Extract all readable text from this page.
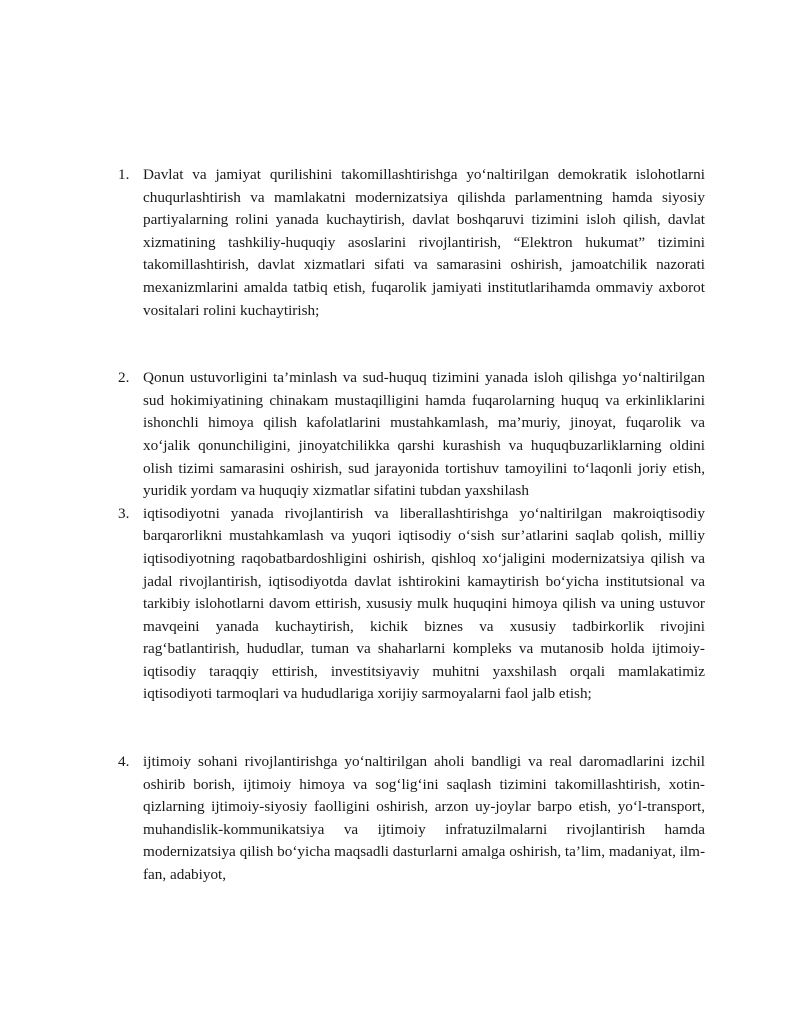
1. Davlat va jamiyat qurilishini takomillashtirishga yo‘naltirilgan demokratik islohotlarni chuqurlashtirish va mamlakatni modernizatsiya qilishda parlamentning hamda siyosiy partiyalarning rolini yanada kuchaytirish, davlat boshqaruvi tizimini isloh qilish, davlat xizmatining tashkiliy-huquqiy asoslarini rivojlantirish, “Elektron hukumat” tizimini takomillashtirish, davlat xizmatlari sifati va samarasini oshirish, jamoatchilik nazorati mexanizmlarini amalda tatbiq etish, fuqarolik jamiyati institutlarihamda ommaviy axborot vositalari rolini kuchaytirish;
2. Qonun ustuvorligini ta’minlash va sud-huquq tizimini yanada isloh qilishga yo‘naltirilgan sud hokimiyatining chinakam mustaqilligini hamda fuqarolarning huquq va erkinliklarini ishonchli himoya qilish kafolatlarini mustahkamlash, ma’muriy, jinoyat, fuqarolik va xo‘jalik qonunchiligini, jinoyatchilikka qarshi kurashish va huquqbuzarliklarning oldini olish tizimi samarasini oshirish, sud jarayonida tortishuv tamoyilini to‘laqonli joriy etish, yuridik yordam va huquqiy xizmatlar sifatini tubdan yaxshilash
3. iqtisodiyotni yanada rivojlantirish va liberallashtirishga yo‘naltirilgan makroiqtisodiy barqarorlikni mustahkamlash va yuqori iqtisodiy o‘sish sur’atlarini saqlab qolish, milliy iqtisodiyotning raqobatbardoshligini oshirish, qishloq xo‘jaligini modernizatsiya qilish va jadal rivojlantirish, iqtisodiyotda davlat ishtirokini kamaytirish bo‘yicha institutsional va tarkibiy islohotlarni davom ettirish, xususiy mulk huquqini himoya qilish va uning ustuvor mavqeini yanada kuchaytirish, kichik biznes va xususiy tadbirkorlik rivojini rag‘batlantirish, hududlar, tuman va shaharlarni kompleks va mutanosib holda ijtimoiy-iqtisodiy taraqqiy ettirish, investitsiyaviy muhitni yaxshilash orqali mamlakatimiz iqtisodiyoti tarmoqlari va hududlariga xorijiy sarmoyalarni faol jalb etish;
4. ijtimoiy sohani rivojlantirishga yo‘naltirilgan aholi bandligi va real daromadlarini izchil oshirib borish, ijtimoiy himoya va sog‘lig‘ini saqlash tizimini takomillashtirish, xotin-qizlarning ijtimoiy-siyosiy faolligini oshirish, arzon uy-joylar barpo etish, yo‘l-transport, muhandislik-kommunikatsiya va ijtimoiy infratuzilmalarni rivojlantirish hamda modernizatsiya qilish bo‘yicha maqsadli dasturlarni amalga oshirish, ta’lim, madaniyat, ilm-fan, adabiyot,
